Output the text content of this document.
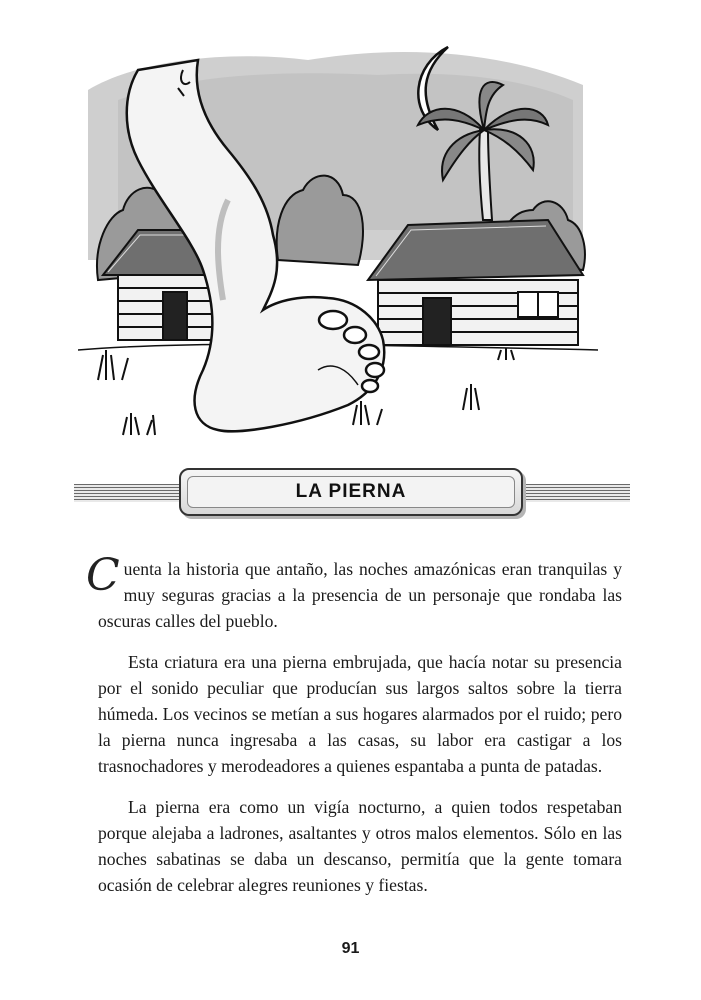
LA PIERNA

Cuenta la historia que antaño, las noches amazónicas eran tranquilas y muy seguras gracias a la presencia de un personaje que rondaba las oscuras calles del pueblo.

Esta criatura era una pierna embrujada, que hacía notar su presencia por el sonido peculiar que producían sus largos saltos sobre la tierra húmeda. Los vecinos se metían a sus hogares alarmados por el ruido; pero la pierna nunca ingresaba a las casas, su labor era castigar a los trasnochadores y merodeadores a quienes espantaba a punta de patadas.

La pierna era como un vigía nocturno, a quien todos respetaban porque alejaba a ladrones, asaltantes y otros malos elementos. Sólo en las noches sabatinas se daba un descanso, permitía que la gente tomara ocasión de celebrar alegres reuniones y fiestas.

91
